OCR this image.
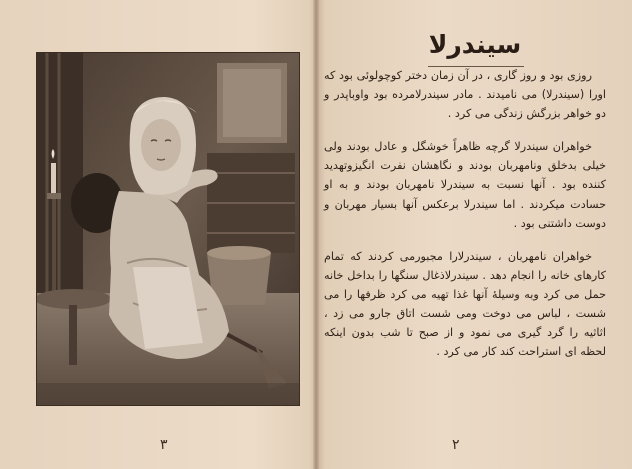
۳
سیندرلا

روزی بود و روز گاری ، در آن زمان دختر کوچولوئی بود که اورا (سیندرلا) می نامیدند . مادر سیندرلامرده بود واوباپدر و دو خواهر بزرگش زندگی می کرد .

خواهران سیندرلا گرچه ظاهراً خوشگل و عادل بودند ولی خیلی بدخلق ونامهربان بودند و نگاهشان نفرت انگیزوتهدید کننده بود . آنها نسبت به سیندرلا نامهربان بودند و به او حسادت میکردند . اما سیندرلا برعکس آنها بسیار مهربان و دوست داشتنی بود .

خواهران نامهربان ، سیندرلارا مجبورمی کردند که تمام کارهای خانه را انجام دهد . سیندرلاذغال سنگها را بداخل خانه حمل می کرد وبه وسیلهٔ آنها غذا تهیه می کرد ظرفها را می شست ، لباس می دوخت ومی شست اتاق جارو می زد ، اثاثیه را گرد گیری می نمود و از صبح تا شب بدون اینکه لحظه ای استراحت کند کار می کرد .

۲
